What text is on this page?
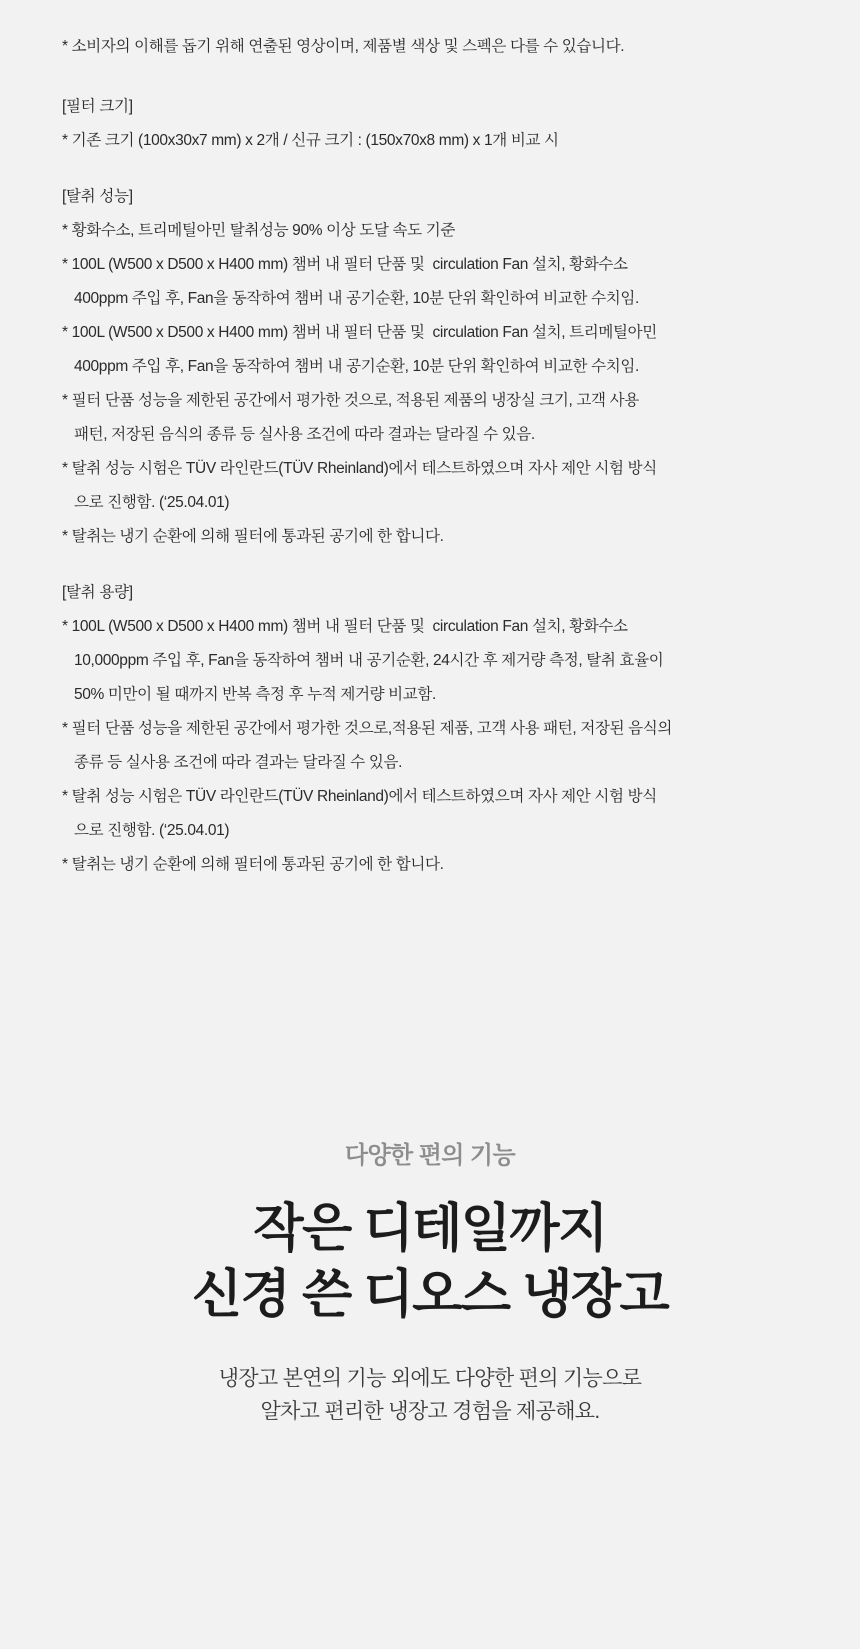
* 소비자의 이해를 돕기 위해 연출된 영상이며, 제품별 색상 및 스펙은 다를 수 있습니다.
[필터 크기]
* 기존 크기 (100x30x7 mm) x 2개 / 신규 크기 : (150x70x8 mm) x 1개 비교 시
[탈취 성능]
* 황화수소, 트리메틸아민 탈취성능 90% 이상 도달 속도 기준
* 100L (W500 x D500 x H400 mm) 챔버 내 필터 단품 및  circulation Fan 설치, 황화수소
400ppm 주입 후, Fan을 동작하여 챔버 내 공기순환, 10분 단위 확인하여 비교한 수치임.
* 100L (W500 x D500 x H400 mm) 챔버 내 필터 단품 및  circulation Fan 설치, 트리메틸아민
400ppm 주입 후, Fan을 동작하여 챔버 내 공기순환, 10분 단위 확인하여 비교한 수치임.
* 필터 단품 성능을 제한된 공간에서 평가한 것으로, 적용된 제품의 냉장실 크기, 고객 사용
패턴, 저장된 음식의 종류 등 실사용 조건에 따라 결과는 달라질 수 있음.
* 탈취 성능 시험은 TÜV 라인란드(TÜV Rheinland)에서 테스트하였으며 자사 제안 시험 방식
으로 진행함. (‘25.04.01)
* 탈취는 냉기 순환에 의해 필터에 통과된 공기에 한 합니다.
[탈취 용량]
* 100L (W500 x D500 x H400 mm) 챔버 내 필터 단품 및  circulation Fan 설치, 황화수소
10,000ppm 주입 후, Fan을 동작하여 챔버 내 공기순환, 24시간 후 제거량 측정, 탈취 효율이
50% 미만이 될 때까지 반복 측정 후 누적 제거량 비교함.
* 필터 단품 성능을 제한된 공간에서 평가한 것으로,적용된 제품, 고객 사용 패턴, 저장된 음식의
종류 등 실사용 조건에 따라 결과는 달라질 수 있음.
* 탈취 성능 시험은 TÜV 라인란드(TÜV Rheinland)에서 테스트하였으며 자사 제안 시험 방식
으로 진행함. (‘25.04.01)
* 탈취는 냉기 순환에 의해 필터에 통과된 공기에 한 합니다.
다양한 편의 기능
작은 디테일까지
신경 쓴 디오스 냉장고
냉장고 본연의 기능 외에도 다양한 편의 기능으로
알차고 편리한 냉장고 경험을 제공해요.
